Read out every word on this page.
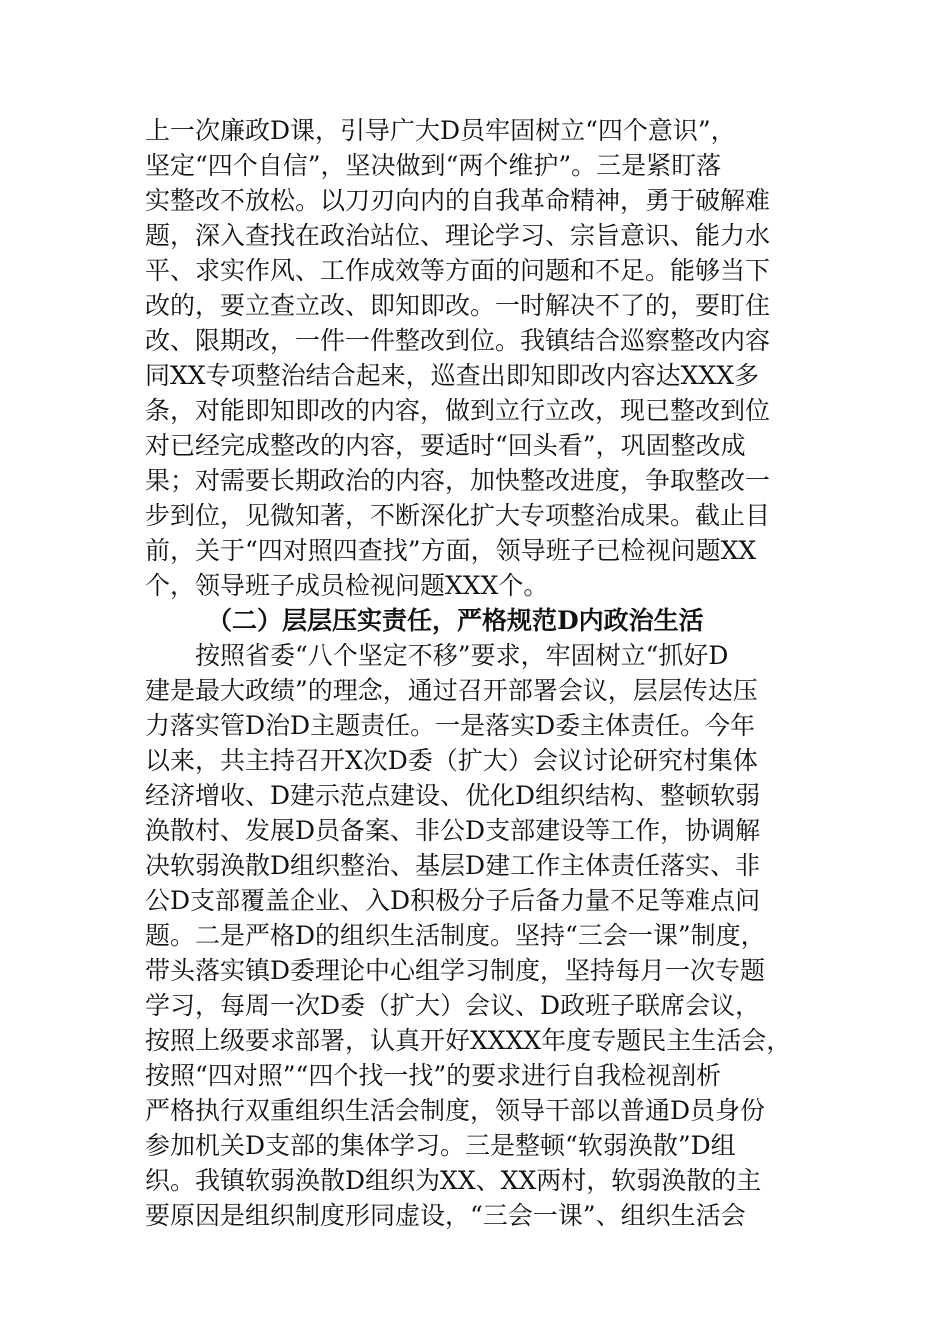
上一次廉政D课，引导广大D员牢固树立“四个意识”，
坚定“四个自信”，坚决做到“两个维护”。三是紧盯落
实整改不放松。以刀刃向内的自我革命精神，勇于破解难
题，深入查找在政治站位、理论学习、宗旨意识、能力水
平、求实作风、工作成效等方面的问题和不足。能够当下
改的，要立查立改、即知即改。一时解决不了的，要盯住
改、限期改，一件一件整改到位。我镇结合巡察整改内容
同XX专项整治结合起来，巡查出即知即改内容达XXX多
条，对能即知即改的内容，做到立行立改，现已整改到位
对已经完成整改的内容，要适时“回头看”，巩固整改成
果；对需要长期政治的内容，加快整改进度，争取整改一
步到位，见微知著，不断深化扩大专项整治成果。截止目
前，关于“四对照四查找”方面，领导班子已检视问题XX
个，领导班子成员检视问题XXX个。
（二）层层压实责任，严格规范D内政治生活
按照省委“八个坚定不移”要求，牢固树立“抓好D
建是最大政绩”的理念，通过召开部署会议，层层传达压
力落实管D治D主题责任。一是落实D委主体责任。今年
以来，共主持召开X次D委（扩大）会议讨论研究村集体
经济增收、D建示范点建设、优化D组织结构、整顿软弱
涣散村、发展D员备案、非公D支部建设等工作，协调解
决软弱涣散D组织整治、基层D建工作主体责任落实、非
公D支部覆盖企业、入D积极分子后备力量不足等难点问
题。二是严格D的组织生活制度。坚持“三会一课”制度，
带头落实镇D委理论中心组学习制度，坚持每月一次专题
学习，每周一次D委（扩大）会议、D政班子联席会议，
按照上级要求部署，认真开好XXXX年度专题民主生活会，
按照“四对照”“四个找一找”的要求进行自我检视剖析
严格执行双重组织生活会制度，领导干部以普通D员身份
参加机关D支部的集体学习。三是整顿“软弱涣散”D组
织。我镇软弱涣散D组织为XX、XX两村，软弱涣散的主
要原因是组织制度形同虚设，“三会一课”、组织生活会
